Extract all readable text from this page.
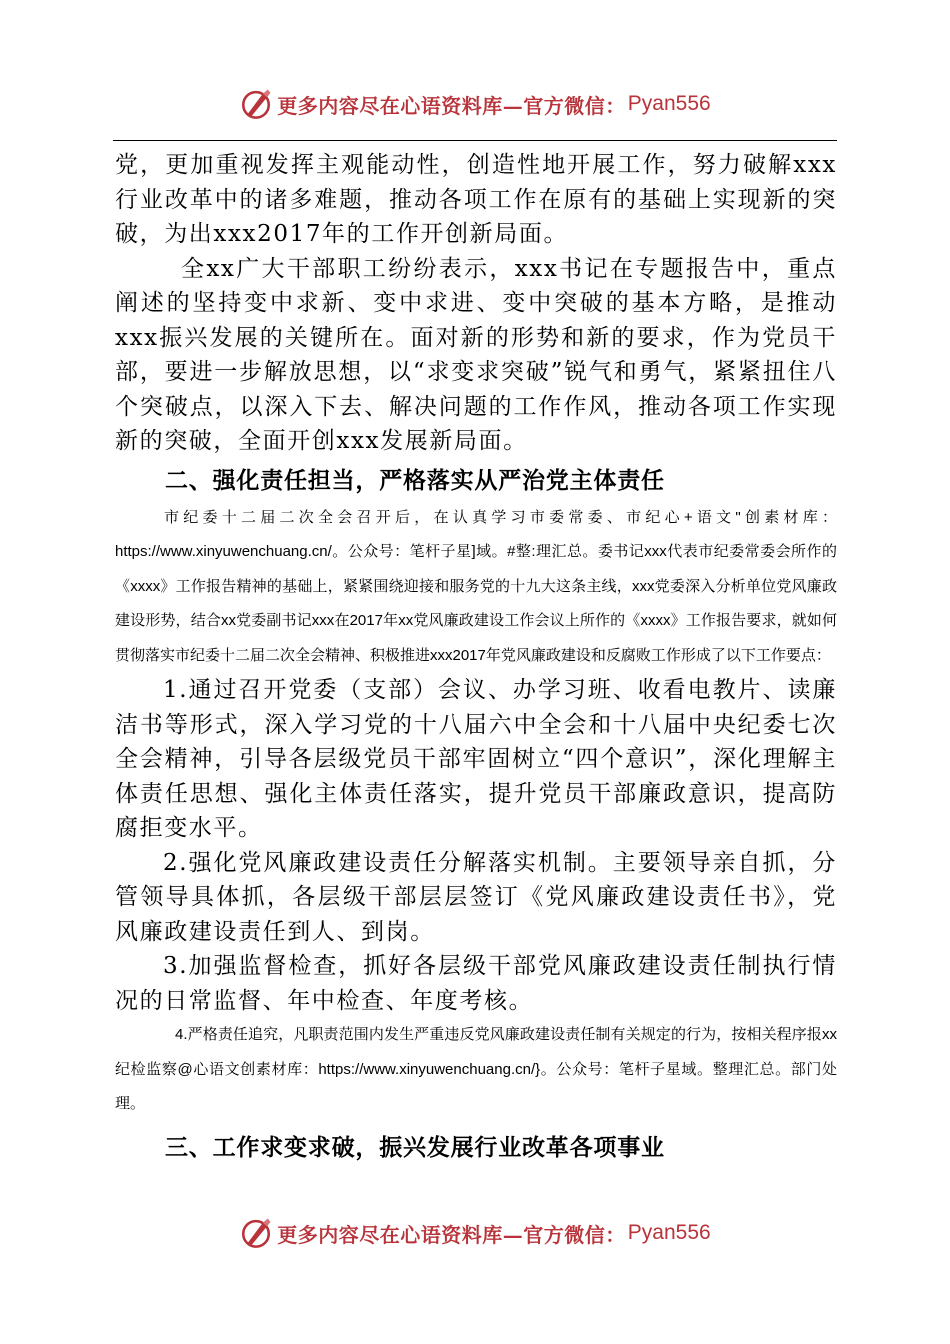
更多内容尽在心语资料库—官方微信： Pyan556

党，更加重视发挥主观能动性，创造性地开展工作，努力破解xxx行业改革中的诸多难题，推动各项工作在原有的基础上实现新的突破，为出xxx2017年的工作开创新局面。

全xx广大干部职工纷纷表示，xxx书记在专题报告中，重点阐述的坚持变中求新、变中求进、变中突破的基本方略，是推动xxx振兴发展的关键所在。面对新的形势和新的要求，作为党员干部，要进一步解放思想，以“求变求突破”锐气和勇气，紧紧扭住八个突破点，以深入下去、解决问题的工作作风，推动各项工作实现新的突破，全面开创xxx发展新局面。

二、强化责任担当，严格落实从严治党主体责任

市纪委十二届二次全会召开后，在认真学习市委常委、市纪心+语文"创素材库：https://www.xinyuwenchuang.cn/。公众号：笔杆子星]域。#整:理汇总。委书记xxx代表市纪委常委会所作的《xxxx》工作报告精神的基础上，紧紧围绕迎接和服务党的十九大这条主线，xxx党委深入分析单位党风廉政建设形势，结合xx党委副书记xxx在2017年xx党风廉政建设工作会议上所作的《xxxx》工作报告要求，就如何贯彻落实市纪委十二届二次全会精神、积极推进xxx2017年党风廉政建设和反腐败工作形成了以下工作要点：

1.通过召开党委（支部）会议、办学习班、收看电教片、读廉洁书等形式，深入学习党的十八届六中全会和十八届中央纪委七次全会精神，引导各层级党员干部牢固树立“四个意识”，深化理解主体责任思想、强化主体责任落实，提升党员干部廉政意识，提高防腐拒变水平。

2.强化党风廉政建设责任分解落实机制。主要领导亲自抓，分管领导具体抓，各层级干部层层签订《党风廉政建设责任书》，党风廉政建设责任到人、到岗。

3.加强监督检查，抓好各层级干部党风廉政建设责任制执行情况的日常监督、年中检查、年度考核。

4.严格责任追究，凡职责范围内发生严重违反党风廉政建设责任制有关规定的行为，按相关程序报xx纪检监察@心语文创素材库：https://www.xinyuwenchuang.cn/}。公众号：笔杆子星域。整理汇总。部门处理。

三、工作求变求破，振兴发展行业改革各项事业
更多内容尽在心语资料库—官方微信： Pyan556
